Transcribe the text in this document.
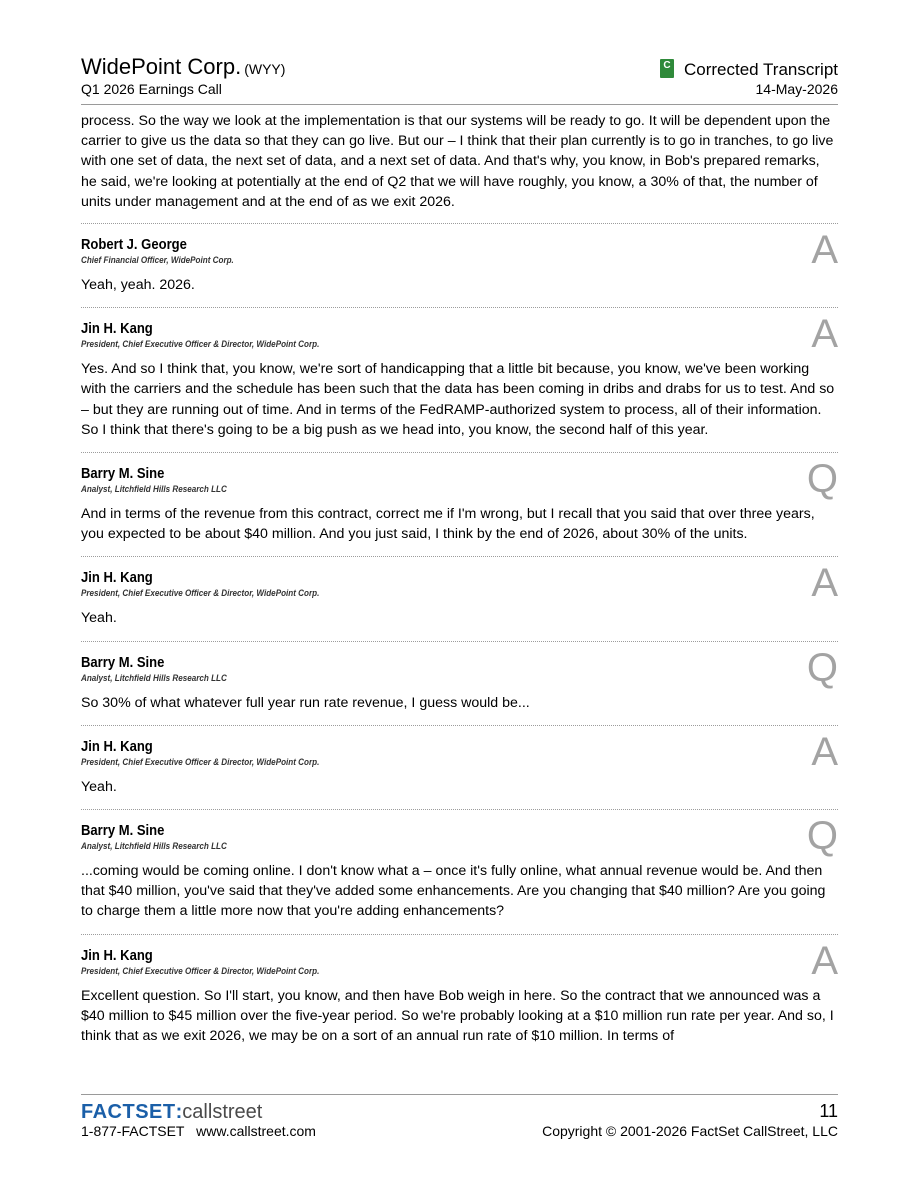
WidePoint Corp. (WYY)
Q1 2026 Earnings Call
C Corrected Transcript
14-May-2026

process. So the way we look at the implementation is that our systems will be ready to go. It will be dependent upon the carrier to give us the data so that they can go live. But our – I think that their plan currently is to go in tranches, to go live with one set of data, the next set of data, and a next set of data. And that's why, you know, in Bob's prepared remarks, he said, we're looking at potentially at the end of Q2 that we will have roughly, you know, a 30% of that, the number of units under management and at the end of as we exit 2026.

A
Robert J. George
Chief Financial Officer, WidePoint Corp.

Yeah, yeah. 2026.

A
Jin H. Kang
President, Chief Executive Officer & Director, WidePoint Corp.

Yes. And so I think that, you know, we're sort of handicapping that a little bit because, you know, we've been working with the carriers and the schedule has been such that the data has been coming in dribs and drabs for us to test. And so – but they are running out of time. And in terms of the FedRAMP-authorized system to process, all of their information. So I think that there's going to be a big push as we head into, you know, the second half of this year.

Q
Barry M. Sine
Analyst, Litchfield Hills Research LLC

And in terms of the revenue from this contract, correct me if I'm wrong, but I recall that you said that over three years, you expected to be about $40 million. And you just said, I think by the end of 2026, about 30% of the units.

A
Jin H. Kang
President, Chief Executive Officer & Director, WidePoint Corp.

Yeah.

Q
Barry M. Sine
Analyst, Litchfield Hills Research LLC

So 30% of what whatever full year run rate revenue, I guess would be...

A
Jin H. Kang
President, Chief Executive Officer & Director, WidePoint Corp.

Yeah.

Q
Barry M. Sine
Analyst, Litchfield Hills Research LLC

...coming would be coming online. I don't know what a – once it's fully online, what annual revenue would be. And then that $40 million, you've said that they've added some enhancements. Are you changing that $40 million? Are you going to charge them a little more now that you're adding enhancements?

A
Jin H. Kang
President, Chief Executive Officer & Director, WidePoint Corp.

Excellent question. So I'll start, you know, and then have Bob weigh in here. So the contract that we announced was a $40 million to $45 million over the five-year period. So we're probably looking at a $10 million run rate per year. And so, I think that as we exit 2026, we may be on a sort of an annual run rate of $10 million. In terms of

FACTSET:callstreet
1-877-FACTSET www.callstreet.com
11
Copyright © 2001-2026 FactSet CallStreet, LLC
